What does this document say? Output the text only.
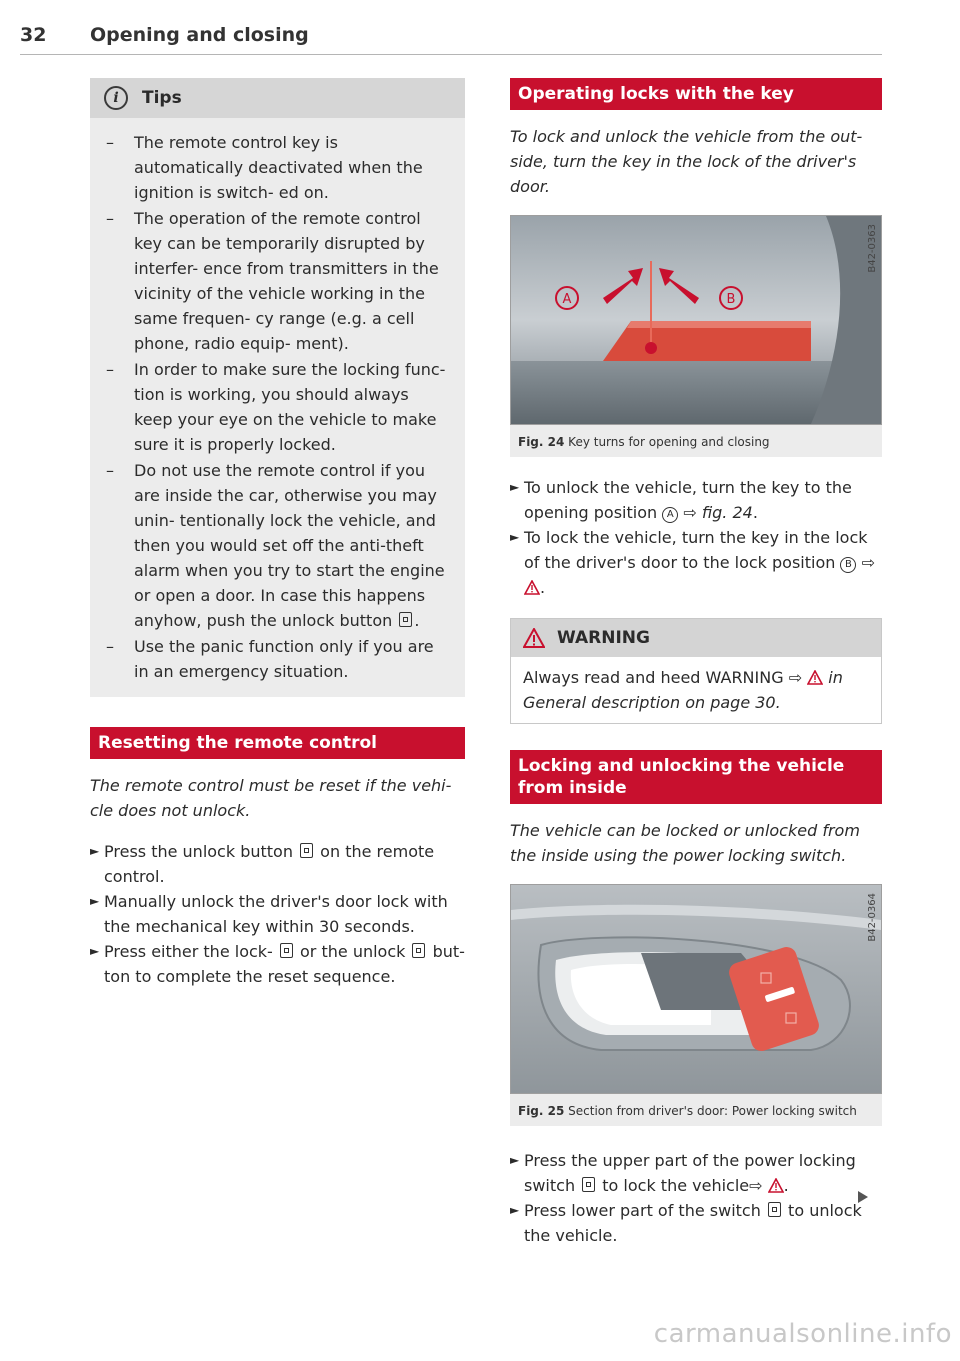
32 Opening and closing
i	Tips
– The remote control key is automatically deactivated when the ignition is switch- ed on.
– The operation of the remote control key can be temporarily disrupted by interfer- ence from transmitters in the vicinity of the vehicle working in the same frequen- cy range (e.g. a cell phone, radio equip- ment).
– In order to make sure the locking func- tion is working, you should always keep your eye on the vehicle to make sure it is properly locked.
– Do not use the remote control if you are inside the car, otherwise you may unin- tentionally lock the vehicle, and then you would set off the anti-theft alarm when you try to start the engine or open a door. In case this happens anyhow, push the unlock button .
– Use the panic function only if you are in an emergency situation.
Resetting the remote control
The remote control must be reset if the vehi- cle does not unlock.
► Press the unlock button on the remote control.
► Manually unlock the driver's door lock with the mechanical key within 30 seconds.
► Press either the lock- or the unlock but- ton to complete the reset sequence.
Operating locks with the key
To lock and unlock the vehicle from the out- side, turn the key in the lock of the driver's door.
A	B
B42-0363
Fig. 24 Key turns for opening and closing
► To unlock the vehicle, turn the key to the opening position A ⇨ fig. 24.
► To lock the vehicle, turn the key in the lock of the driver's door to the lock position B ⇨ .
WARNING
Always read and heed WARNING ⇨  in
General description on page 30.
Locking and unlocking the vehicle from inside
The vehicle can be locked or unlocked from the inside using the power locking switch.
B42-0364
Fig. 25 Section from driver's door: Power locking switch
► Press the upper part of the power locking switch to lock the vehicle⇨ .
► Press lower part of the switch to unlock the vehicle.
carmanualsonline.info
